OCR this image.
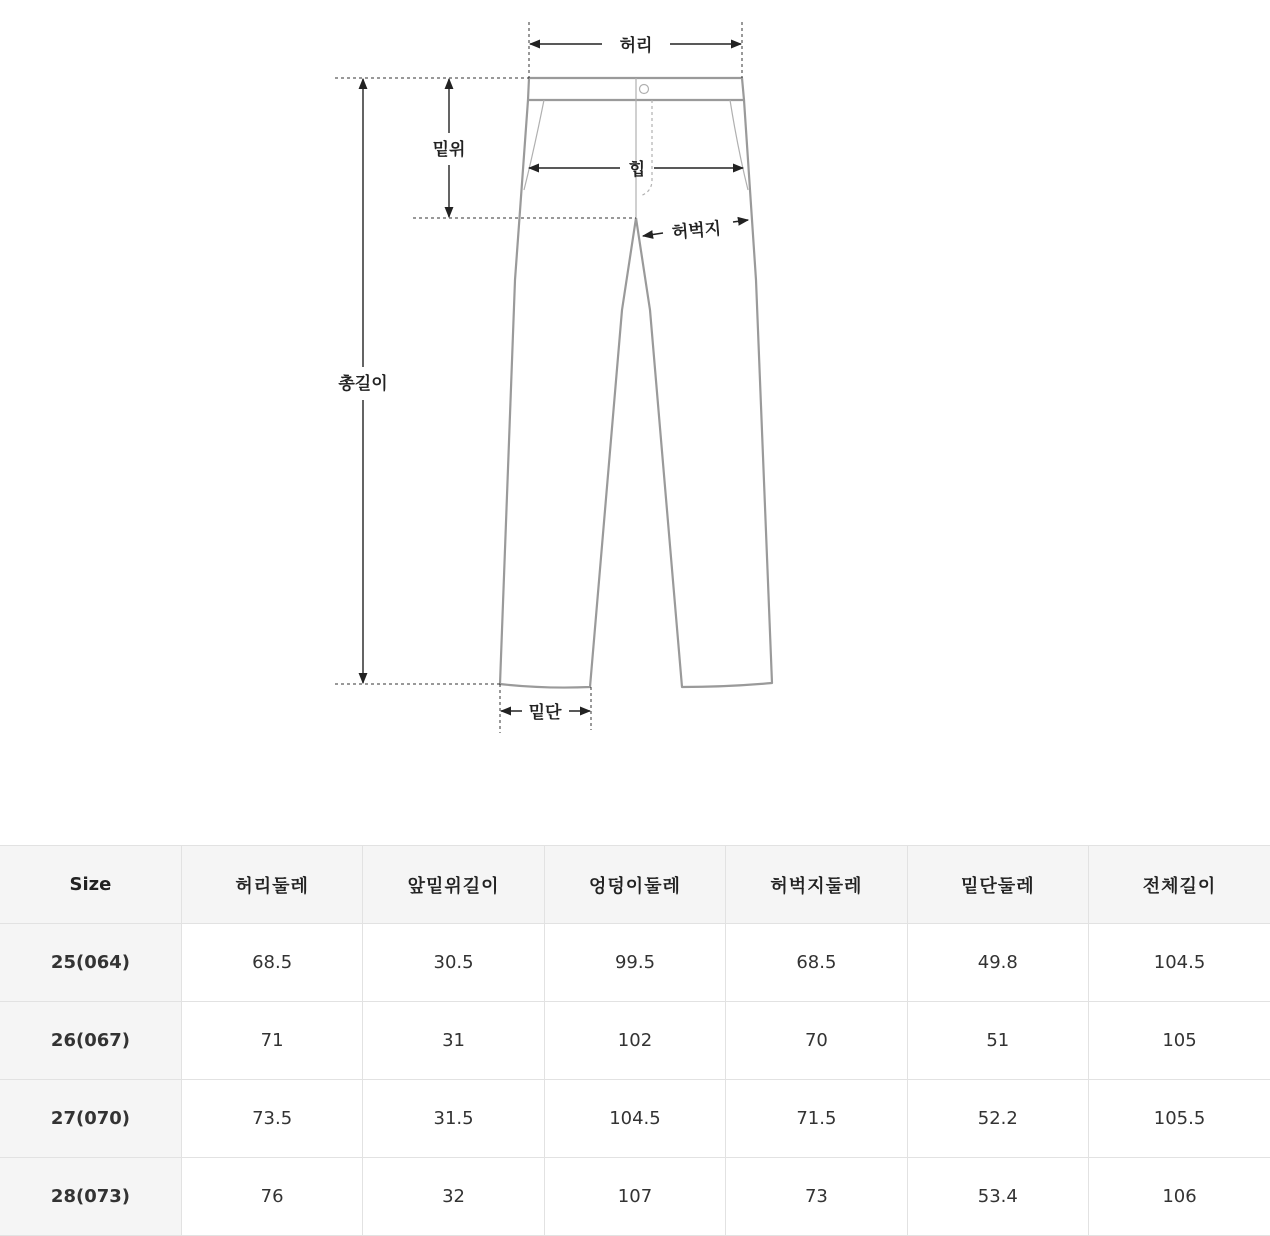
허리
밑위
힙
허벅지
총길이
밑단
Size	허리둘레	앞밑위길이	엉덩이둘레	허벅지둘레	밑단둘레	전체길이
25(064)	68.5	30.5	99.5	68.5	49.8	104.5
26(067)	71	31	102	70	51	105
27(070)	73.5	31.5	104.5	71.5	52.2	105.5
28(073)	76	32	107	73	53.4	106
